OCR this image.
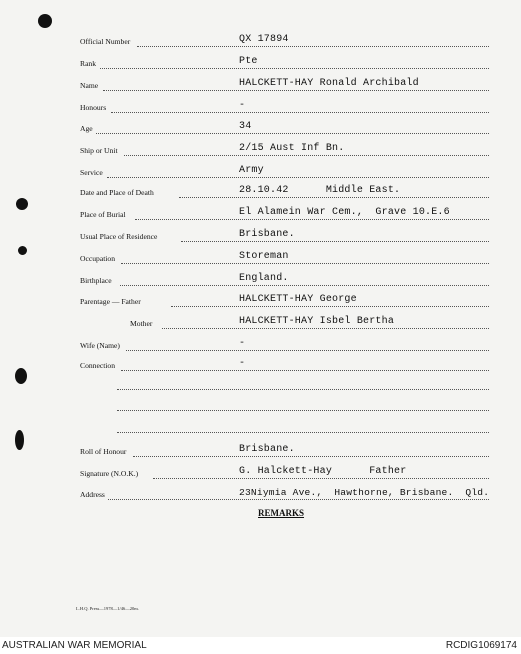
Official Number	QX 17894
Rank	Pte
Name	HALCKETT-HAY Ronald Archibald
Honours	-
Age	34
Ship or Unit	2/15 Aust Inf Bn.
Service	Army
Date and Place of Death	28.10.42      Middle East.
Place of Burial	El Alamein War Cem.,  Grave 10.E.6
Usual Place of Residence	Brisbane.
Occupation	Storeman
Birthplace	England.
Parentage — Father	HALCKETT-HAY George
Mother	HALCKETT-HAY Isbel Bertha
Wife (Name)	-
Connection	-
Roll of Honour	Brisbane.
Signature (N.O.K.)	G. Halckett-Hay      Father
Address	23Niymia Ave.,  Hawthorne, Brisbane.  Qld.
REMARKS
L.H.Q. Press—1978—1/46—20m.
AUSTRALIAN WAR MEMORIAL	RCDIG1069174
